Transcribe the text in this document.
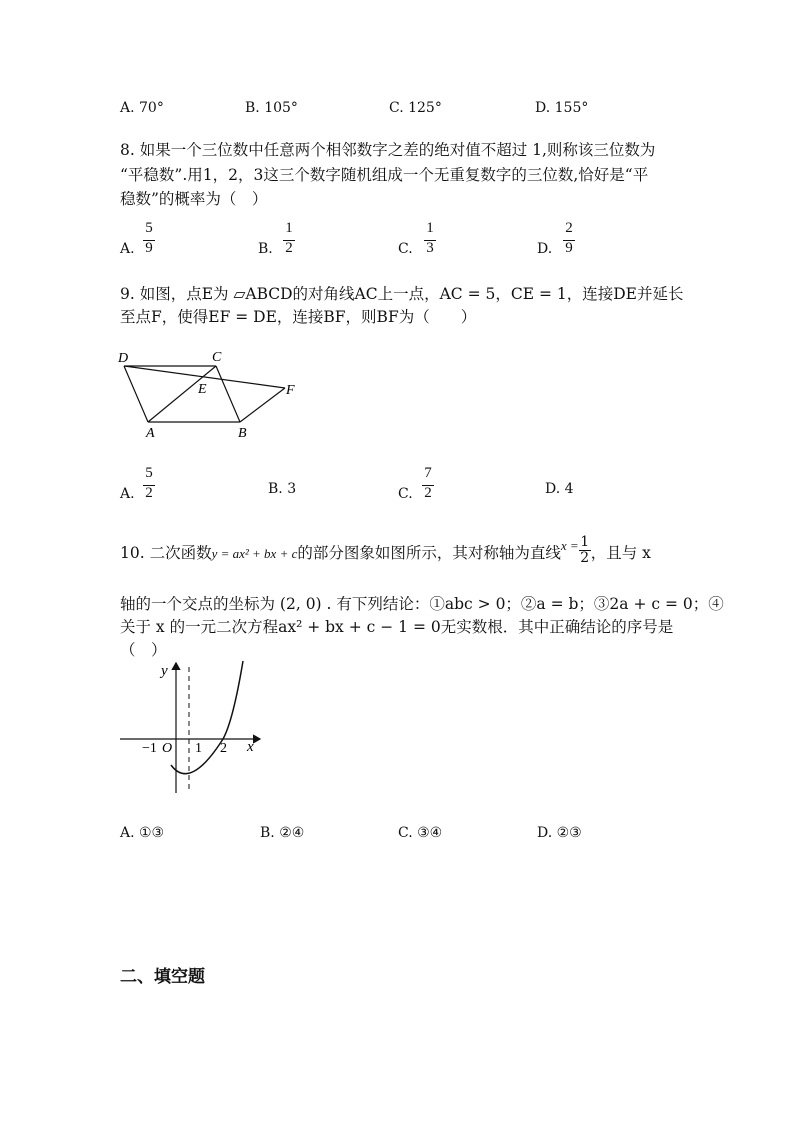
A. 70°	B. 105°	C. 125°	D. 155°
8. 如果一个三位数中任意两个相邻数字之差的绝对值不超过 1,则称该三位数为
“平稳数”.用1，2，3这三个数字随机组成一个无重复数字的三位数,恰好是“平
稳数”的概率为（　）
A.
5
9	B.
1
2	C.
1
3	D.
2
9
9. 如图，点E为 ▱ABCD的对角线AC上一点，AC = 5，CE = 1，连接DE并延长
至点F，使得EF = DE，连接BF，则BF为（　　）
D	C
E	F
A	B
A.
5
2	B. 3	C.
7
2	D. 4
10. 二次函数y = ax² + bx + c的部分图象如图所示，其对称轴为直线$^{x =} \frac{1}{2}$ ，且与 x
轴的一个交点的坐标为 (2, 0) . 有下列结论：①abc > 0；②a = b；③2a + c = 0；④
关于 x 的一元二次方程ax² + bx + c − 1 = 0无实数根．其中正确结论的序号是
（　）
y
x
O
−1	1 2
A. ①③	B. ②④	C. ③④	D. ②③
二、填空题
